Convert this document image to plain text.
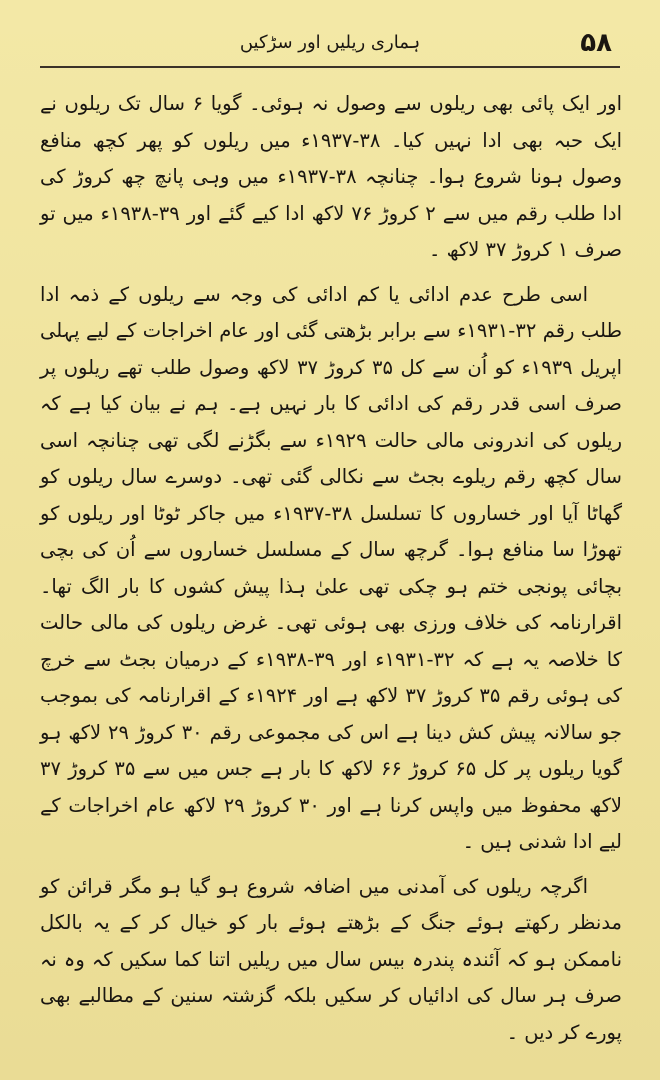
۵۸
ہماری ریلیں اور سڑکیں

اور ایک پائی بھی ریلوں سے وصول نہ ہوئی۔ گویا ۶ سال تک ریلوں نے ایک حبہ بھی ادا نہیں کیا۔ ۳۸-۱۹۳۷ء میں ریلوں کو پھر کچھ منافع وصول ہونا شروع ہوا۔ چنانچہ ۳۸-۱۹۳۷ء میں وہی پانچ چھ کروڑ کی ادا طلب رقم میں سے ۲ کروڑ ۷۶ لاکھ ادا کیے گئے اور ۳۹-۱۹۳۸ء میں تو صرف ۱ کروڑ ۳۷ لاکھ ۔

اسی طرح عدم ادائی یا کم ادائی کی وجہ سے ریلوں کے ذمہ ادا طلب رقم ۳۲-۱۹۳۱ء سے برابر بڑھتی گئی اور عام اخراجات کے لیے پہلی اپریل ۱۹۳۹ء کو اُن سے کل ۳۵ کروڑ ۳۷ لاکھ وصول طلب تھے ریلوں پر صرف اسی قدر رقم کی ادائی کا بار نہیں ہے۔ ہم نے بیان کیا ہے کہ ریلوں کی اندرونی مالی حالت ۱۹۲۹ء سے بگڑنے لگی تھی چنانچہ اسی سال کچھ رقم ریلوے بجٹ سے نکالی گئی تھی۔ دوسرے سال ریلوں کو گھاٹا آیا اور خساروں کا تسلسل ۳۸-۱۹۳۷ء میں جاکر ٹوٹا اور ریلوں کو تھوڑا سا منافع ہوا۔ گرچھ سال کے مسلسل خساروں سے اُن کی بچی بچائی پونجی ختم ہو چکی تھی علیٰ ہذا پیش کشوں کا بار الگ تھا۔ اقرارنامہ کی خلاف ورزی بھی ہوئی تھی۔ غرض ریلوں کی مالی حالت کا خلاصہ یہ ہے کہ ۳۲-۱۹۳۱ء اور ۳۹-۱۹۳۸ء کے درمیان بجٹ سے خرچ کی ہوئی رقم ۳۵ کروڑ ۳۷ لاکھ ہے اور ۱۹۲۴ء کے اقرارنامہ کی بموجب جو سالانہ پیش کش دینا ہے اس کی مجموعی رقم ۳۰ کروڑ ۲۹ لاکھ ہو گویا ریلوں پر کل ۶۵ کروڑ ۶۶ لاکھ کا بار ہے جس میں سے ۳۵ کروڑ ۳۷ لاکھ محفوظ میں واپس کرنا ہے اور ۳۰ کروڑ ۲۹ لاکھ عام اخراجات کے لیے ادا شدنی ہیں ۔

اگرچہ ریلوں کی آمدنی میں اضافہ شروع ہو گیا ہو مگر قرائن کو مدنظر رکھتے ہوئے جنگ کے بڑھتے ہوئے بار کو خیال کر کے یہ بالکل ناممکن ہو کہ آئندہ پندرہ بیس سال میں ریلیں اتنا کما سکیں کہ وہ نہ صرف ہر سال کی ادائیاں کر سکیں بلکہ گزشتہ سنین کے مطالبے بھی پورے کر دیں ۔
